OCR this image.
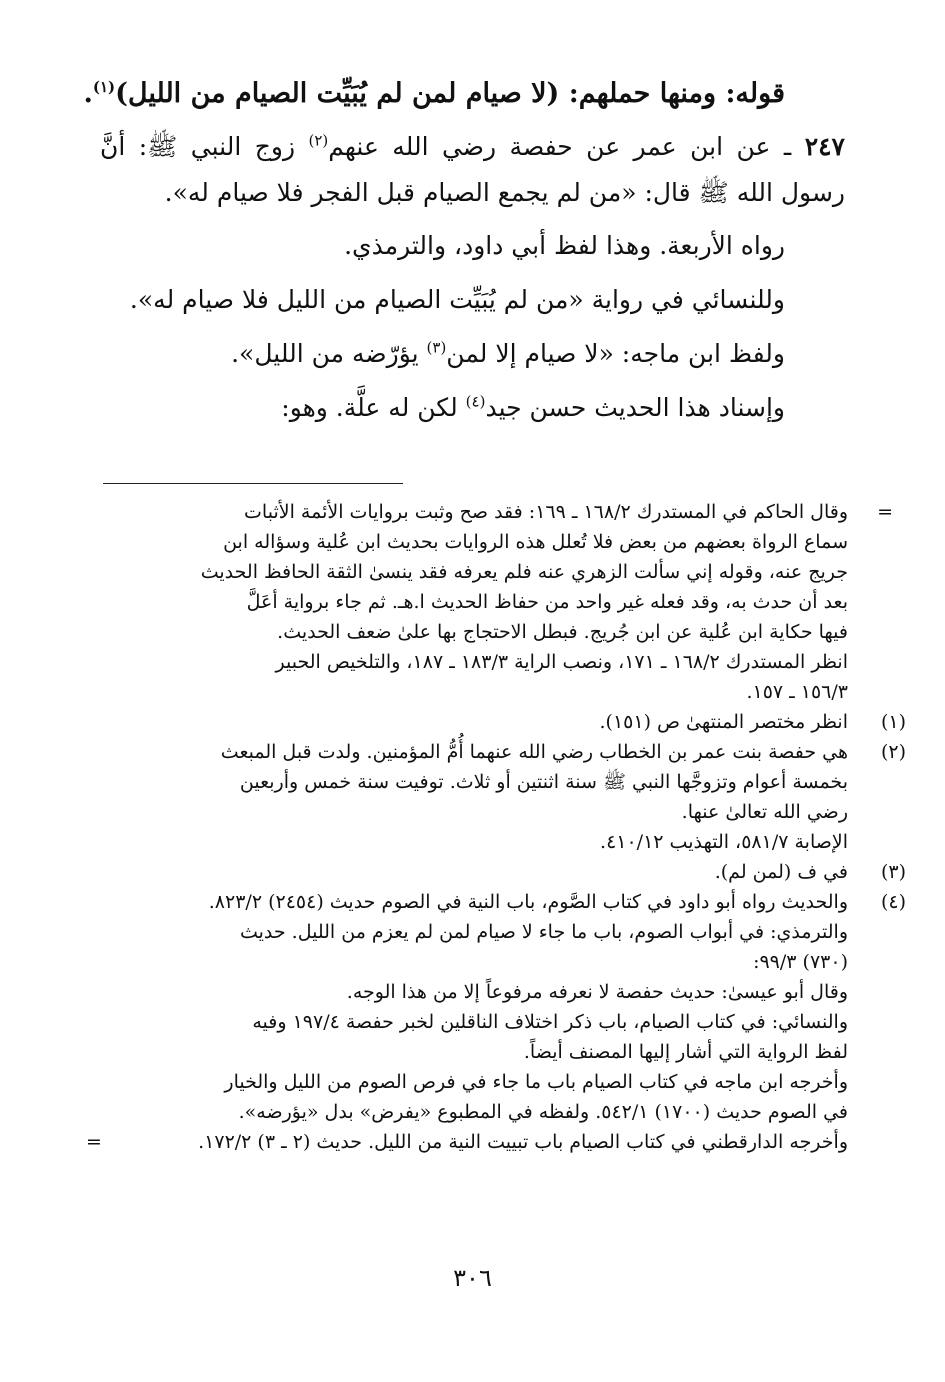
قوله: ومنها حملهم: (لا صيام لمن لم يُبَيِّت الصيام من الليل)$^{(١)}$.

٢٤٧ ـ عن ابن عمر عن حفصة رضي الله عنهم$^{(٢)}$ زوج النبي ﷺ: أنَّ رسول الله ﷺ قال: «من لم يجمع الصيام قبل الفجر فلا صيام له».

رواه الأربعة. وهذا لفظ أبي داود، والترمذي.

وللنسائي في رواية «من لم يُبَيِّت الصيام من الليل فلا صيام له».

ولفظ ابن ماجه: «لا صيام إلا لمن$^{(٣)}$ يؤرّضه من الليل».

وإسناد هذا الحديث حسن جيد$^{(٤)}$ لكن له علَّة. وهو:

=

وقال الحاكم في المستدرك ١٦٨/٢ ـ ١٦٩: فقد صح وثبت بروايات الأئمة الأثبات

سماع الرواة بعضهم من بعض فلا تُعلل هذه الروايات بحديث ابن عُلية وسؤاله ابن

جريج عنه، وقوله إني سألت الزهري عنه فلم يعرفه فقد ينسىٰ الثقة الحافظ الحديث

بعد أن حدث به، وقد فعله غير واحد من حفاظ الحديث ا.هـ. ثم جاء برواية أعَلَّ

فيها حكاية ابن عُلية عن ابن جُريج. فبطل الاحتجاج بها علىٰ ضعف الحديث.

انظر المستدرك ١٦٨/٢ ـ ١٧١، ونصب الراية ١٨٣/٣ ـ ١٨٧، والتلخيص الحبير

١٥٦/٣ ـ ١٥٧.

(١)

انظر مختصر المنتهىٰ ص (١٥١).

(٢)

هي حفصة بنت عمر بن الخطاب رضي الله عنهما أُمُّ المؤمنين. ولدت قبل المبعث

بخمسة أعوام وتزوجَّها النبي ﷺ سنة اثنتين أو ثلاث. توفيت سنة خمس وأربعين

رضي الله تعالىٰ عنها.

الإصابة ٥٨١/٧، التهذيب ٤١٠/١٢.

(٣)

في ف (لمن لم).

(٤)

والحديث رواه أبو داود في كتاب الصَّوم، باب النية في الصوم حديث (٢٤٥٤) ٨٢٣/٢.

والترمذي: في أبواب الصوم، باب ما جاء لا صيام لمن لم يعزم من الليل. حديث

(٧٣٠) ٩٩/٣:

وقال أبو عيسىٰ: حديث حفصة لا نعرفه مرفوعاً إلا من هذا الوجه.

والنسائي: في كتاب الصيام، باب ذكر اختلاف الناقلين لخبر حفصة ١٩٧/٤ وفيه

لفظ الرواية التي أشار إليها المصنف أيضاً.

وأخرجه ابن ماجه في كتاب الصيام باب ما جاء في فرص الصوم من الليل والخيار

في الصوم حديث (١٧٠٠) ٥٤٢/١. ولفظه في المطبوع «يفرض» بدل «يؤرضه».

وأخرجه الدارقطني في كتاب الصيام باب تبييت النية من الليل. حديث (٢ ـ ٣) ١٧٢/٢.
=

٣٠٦
